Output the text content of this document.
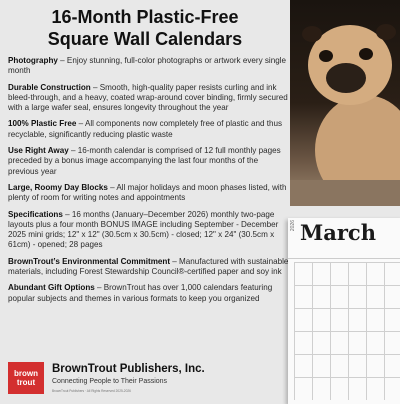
16-Month Plastic-Free
Square Wall Calendars
Photography – Enjoy stunning, full-color photographs or artwork every single month
Durable Construction – Smooth, high-quality paper resists curling and ink bleed-through, and a heavy, coated wrap-around cover binding, firmly secured with a large wafer seal, ensures longevity throughout the year
100% Plastic Free – All components now completely free of plastic and thus recyclable, significantly reducing plastic waste
Use Right Away – 16-month calendar is comprised of 12 full monthly pages preceded by a bonus image accompanying the last four months of the previous year
Large, Roomy Day Blocks – All major holidays and moon phases listed, with plenty of room for writing notes and appointments
Specifications – 16 months (January–December 2026) monthly two-page layouts plus a four month BONUS IMAGE including September - December 2025 mini grids; 12" x 12" (30.5cm x 30.5cm) - closed; 12" x 24" (30.5cm x 61cm) - opened; 28 pages
BrownTrout’s Environmental Commitment – Manufactured with sustainable materials, including Forest Stewardship Council®-certified paper and soy ink
Abundant Gift Options – BrownTrout has over 1,000 calendars featuring popular subjects and themes in various formats to keep you organized
2026 March
brown
trout
BrownTrout Publishers, Inc.
Connecting People to Their Passions
BrownTrout Publishers · All Rights Reserved 2025-2026
